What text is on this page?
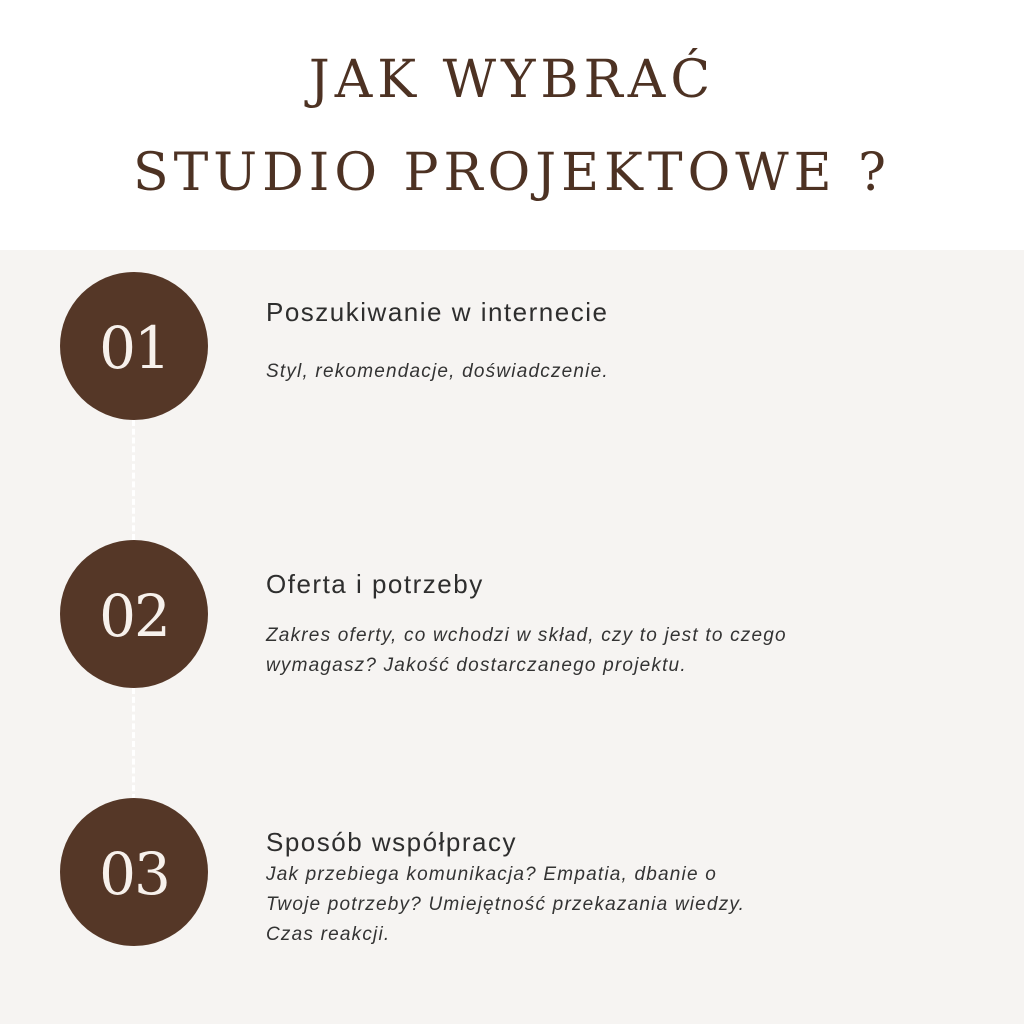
JAK WYBRAĆ
STUDIO PROJEKTOWE ?
01
Poszukiwanie w internecie
Styl, rekomendacje, doświadczenie.
02	Oferta i potrzeby
Zakres oferty, co wchodzi w skład, czy to jest to czego
wymagasz? Jakość dostarczanego projektu.
03	Sposób współpracy
Jak przebiega komunikacja? Empatia, dbanie o
Twoje potrzeby? Umiejętność przekazania wiedzy.
Czas reakcji.
